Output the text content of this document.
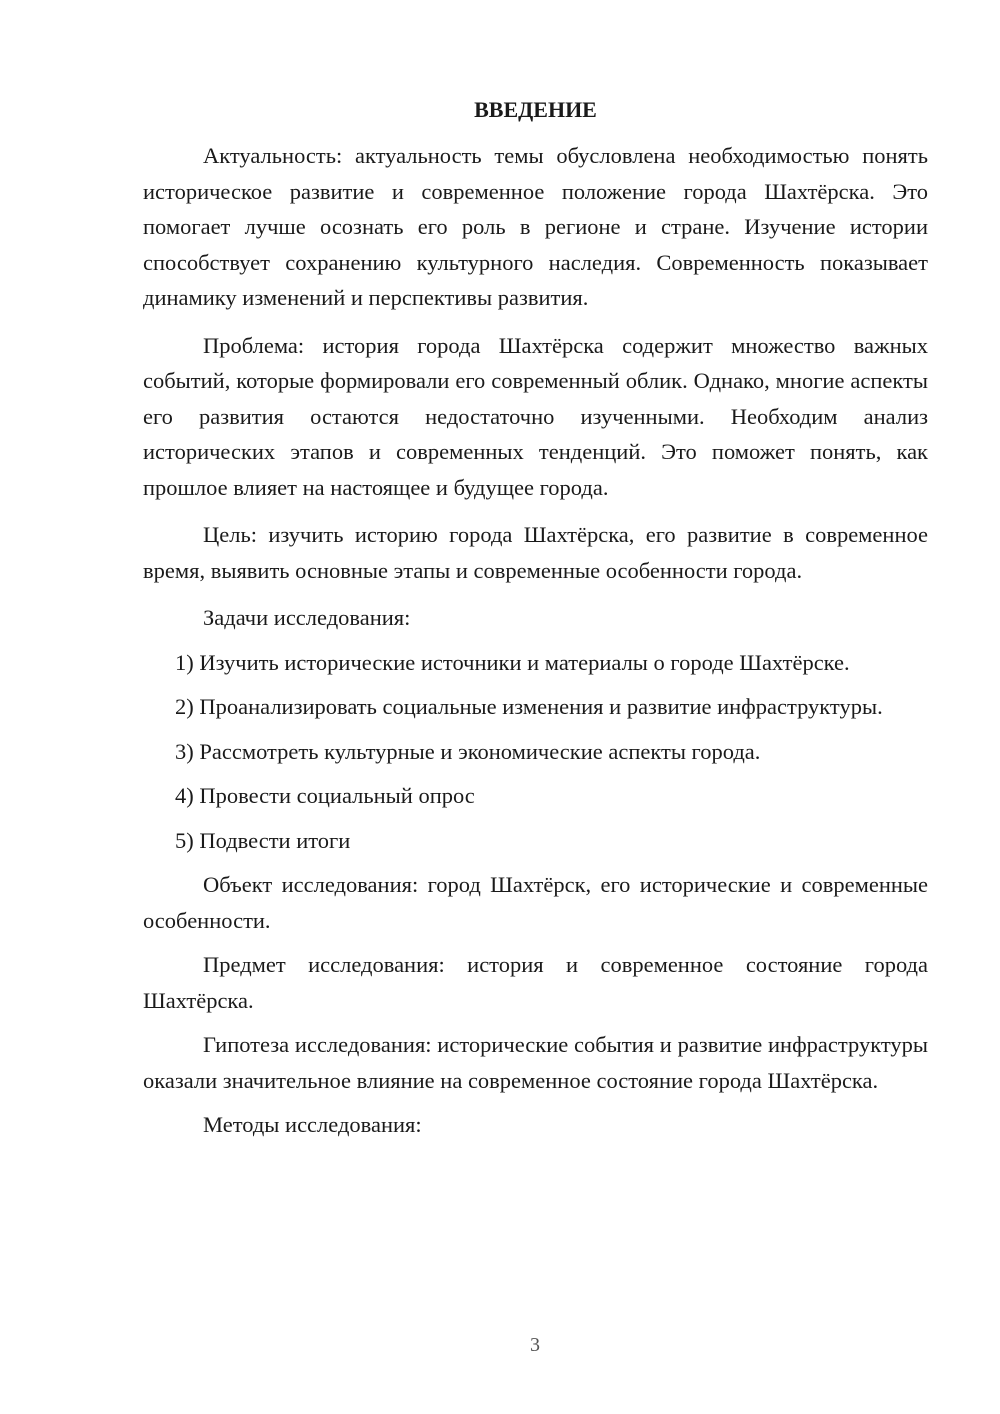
ВВЕДЕНИЕ

Актуальность: актуальность темы обусловлена необходимостью понять историческое развитие и современное положение города Шахтёрска. Это помогает лучше осознать его роль в регионе и стране. Изучение истории способствует сохранению культурного наследия. Современность показывает динамику изменений и перспективы развития.

Проблема: история города Шахтёрска содержит множество важных событий, которые формировали его современный облик. Однако, многие аспекты его развития остаются недостаточно изученными. Необходим анализ исторических этапов и современных тенденций. Это поможет понять, как прошлое влияет на настоящее и будущее города.

Цель: изучить историю города Шахтёрска, его развитие в современное время, выявить основные этапы и современные особенности города.

Задачи исследования:

1) Изучить исторические источники и материалы о городе Шахтёрске.

2) Проанализировать социальные изменения и развитие инфраструктуры.

3) Рассмотреть культурные и экономические аспекты города.

4) Провести социальный опрос

5) Подвести итоги

Объект исследования: город Шахтёрск, его исторические и современные особенности.

Предмет исследования: история и современное состояние города Шахтёрска.

Гипотеза исследования: исторические события и развитие инфраструктуры оказали значительное влияние на современное состояние города Шахтёрска.

Методы исследования:

3
